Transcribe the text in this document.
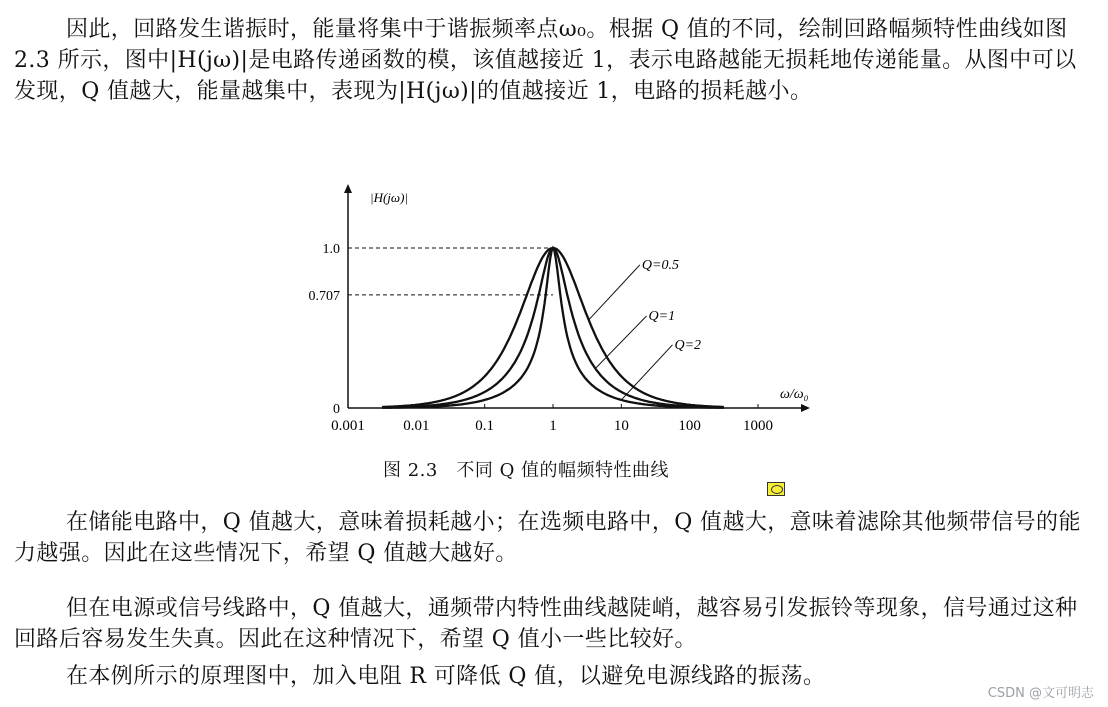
因此，回路发生谐振时，能量将集中于谐振频率点ω₀。根据 Q 值的不同，绘制回路幅频特性曲线如图 2.3 所示，图中|H(jω)|是电路传递函数的模，该值越接近 1，表示电路越能无损耗地传递能量。从图中可以发现，Q 值越大，能量越集中，表现为|H(jω)|的值越接近 1，电路的损耗越小。

|H(jω)|
ω/ω₀
0.001	0.01	0.1	1	10	100	1000
0
0.707
1.0
Q=0.5
Q=1
Q=2
图 2.3　不同 Q 值的幅频特性曲线

在储能电路中，Q 值越大，意味着损耗越小；在选频电路中，Q 值越大，意味着滤除其他频带信号的能力越强。因此在这些情况下，希望 Q 值越大越好。

但在电源或信号线路中，Q 值越大，通频带内特性曲线越陡峭，越容易引发振铃等现象，信号通过这种回路后容易发生失真。因此在这种情况下，希望 Q 值小一些比较好。

在本例所示的原理图中，加入电阻 R 可降低 Q 值，以避免电源线路的振荡。

CSDN @文可明志
